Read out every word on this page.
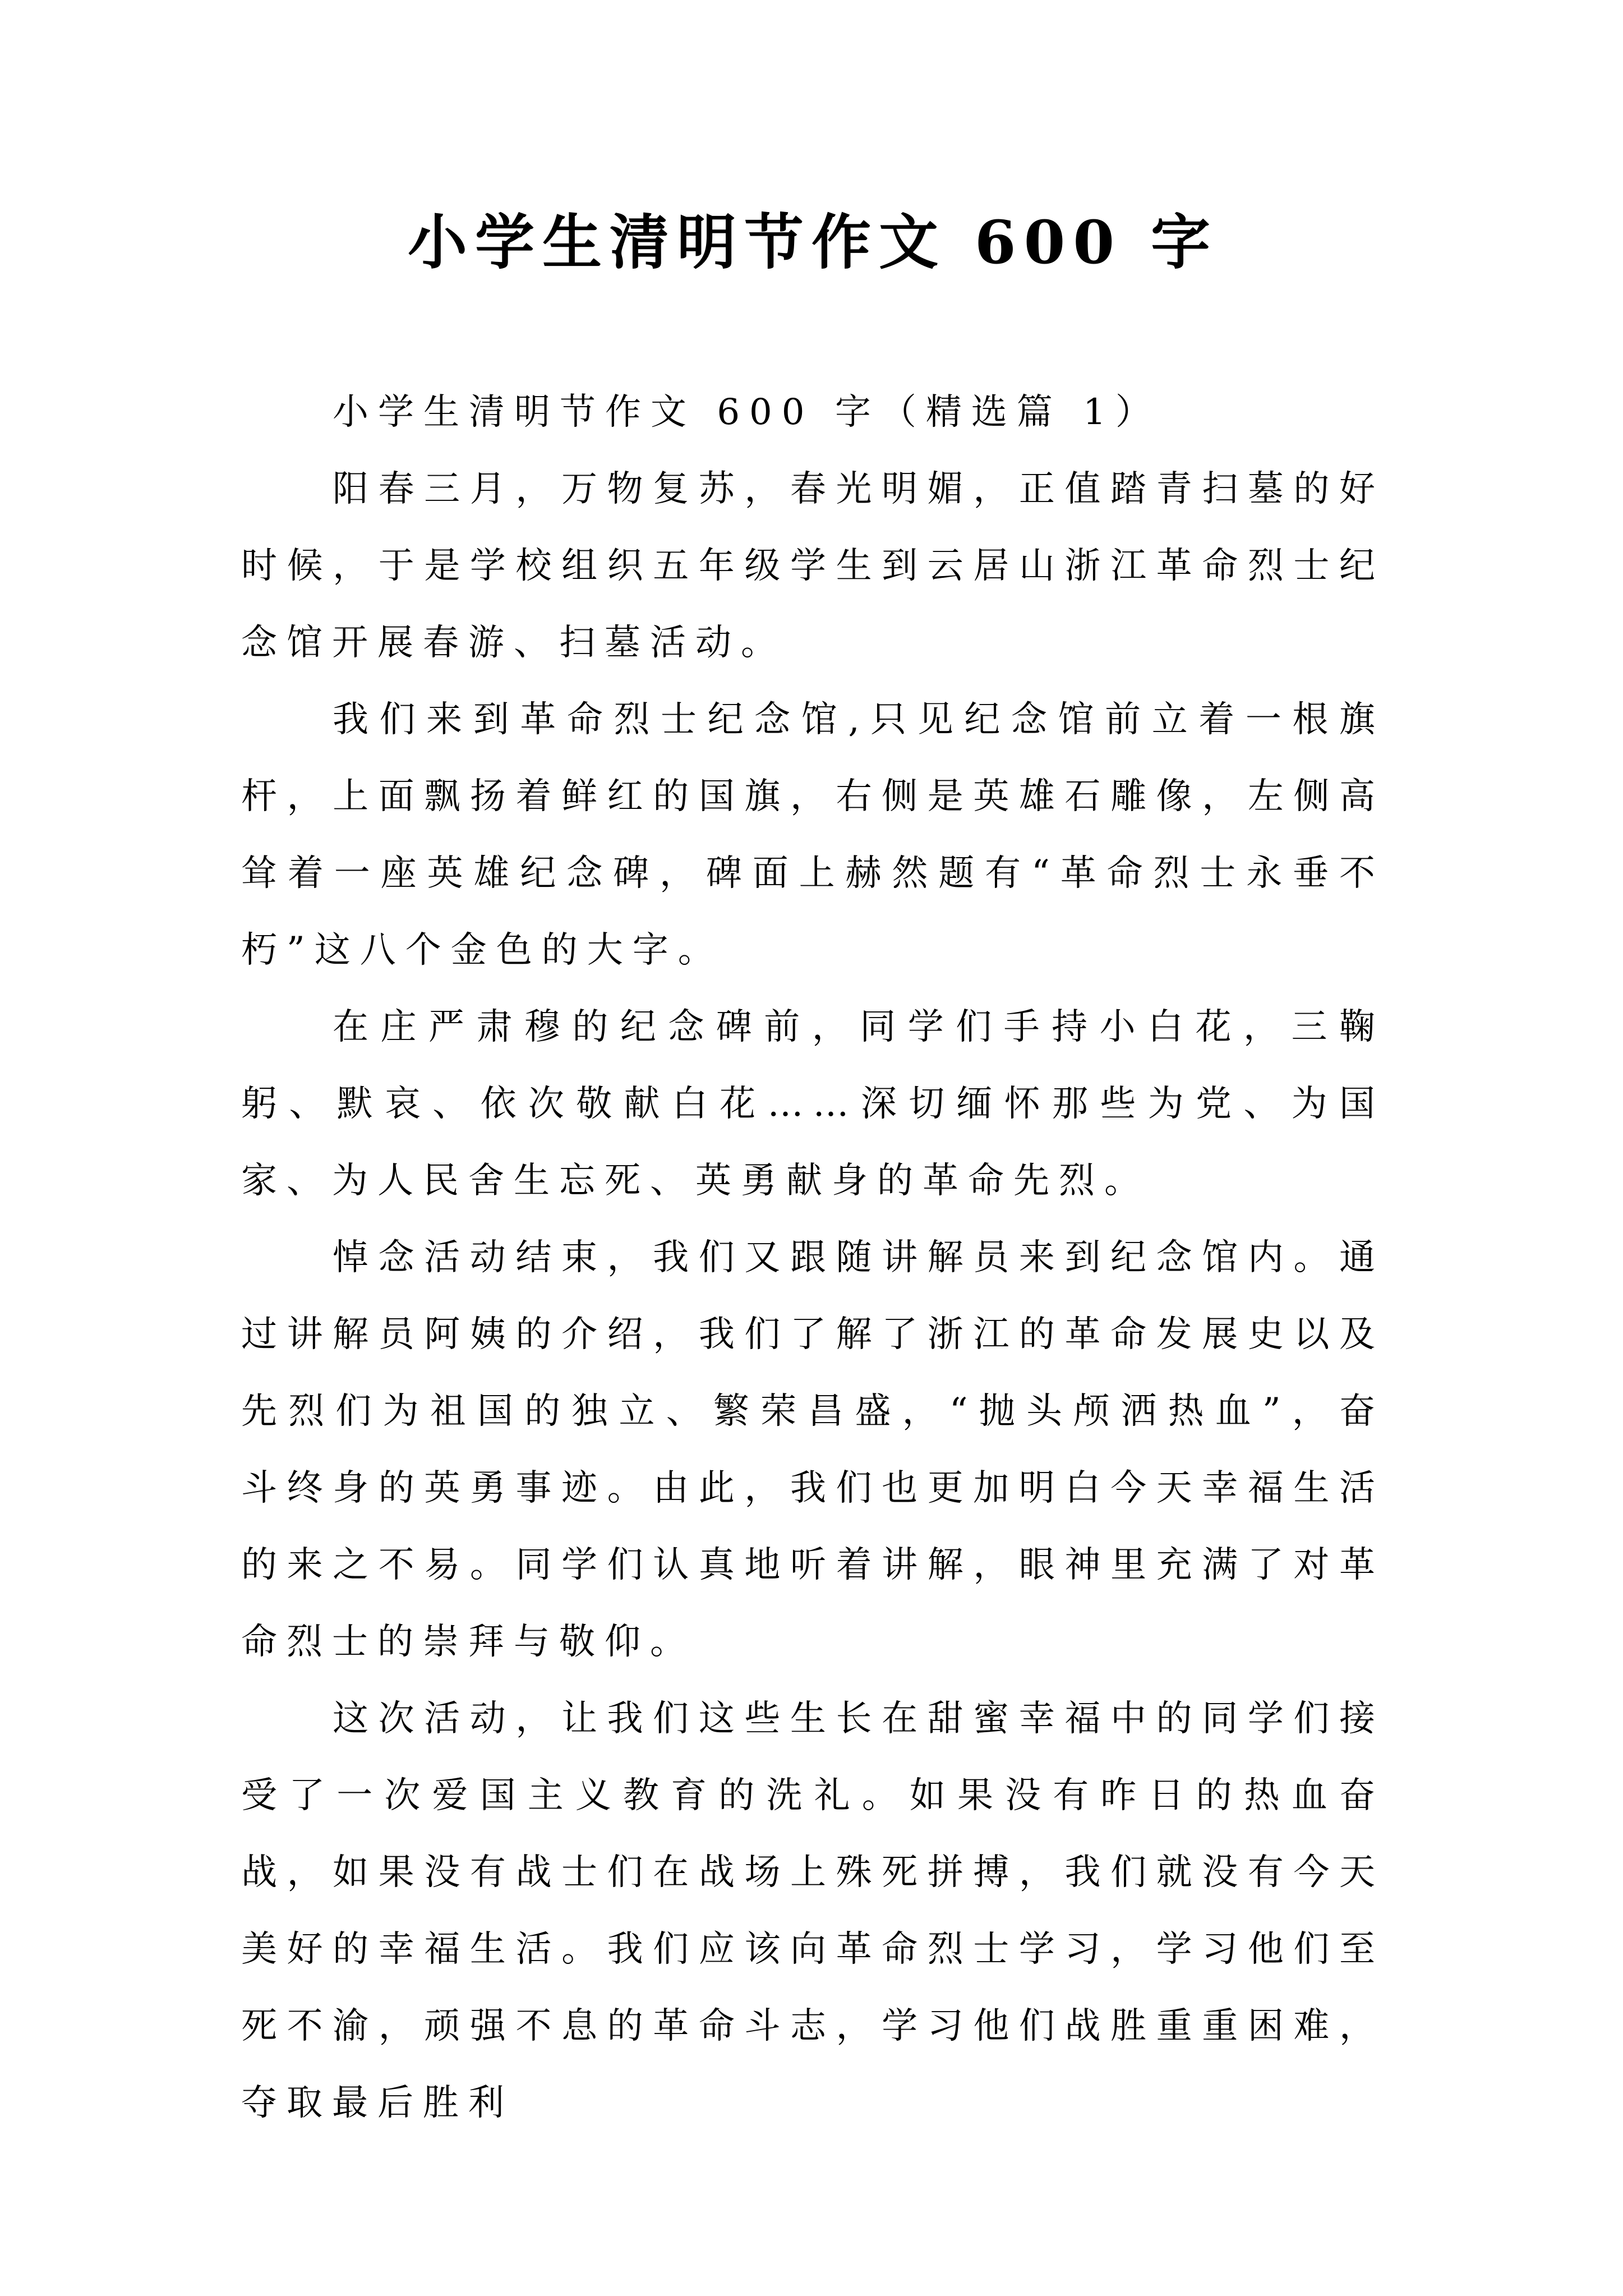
小学生清明节作文 600 字

小学生清明节作文 600 字（精选篇 1）

阳春三月，万物复苏，春光明媚，正值踏青扫墓的好时候，于是学校组织五年级学生到云居山浙江革命烈士纪念馆开展春游、扫墓活动。

我们来到革命烈士纪念馆,只见纪念馆前立着一根旗杆，上面飘扬着鲜红的国旗，右侧是英雄石雕像，左侧高耸着一座英雄纪念碑，碑面上赫然题有“革命烈士永垂不朽”这八个金色的大字。

在庄严肃穆的纪念碑前，同学们手持小白花，三鞠躬、默哀、依次敬献白花……深切缅怀那些为党、为国家、为人民舍生忘死、英勇献身的革命先烈。

悼念活动结束，我们又跟随讲解员来到纪念馆内。通过讲解员阿姨的介绍，我们了解了浙江的革命发展史以及先烈们为祖国的独立、繁荣昌盛，“抛头颅洒热血”，奋斗终身的英勇事迹。由此，我们也更加明白今天幸福生活的来之不易。同学们认真地听着讲解，眼神里充满了对革命烈士的崇拜与敬仰。

这次活动，让我们这些生长在甜蜜幸福中的同学们接受了一次爱国主义教育的洗礼。如果没有昨日的热血奋战，如果没有战士们在战场上殊死拼搏，我们就没有今天美好的幸福生活。我们应该向革命烈士学习，学习他们至死不渝，顽强不息的革命斗志，学习他们战胜重重困难，夺取最后胜利
